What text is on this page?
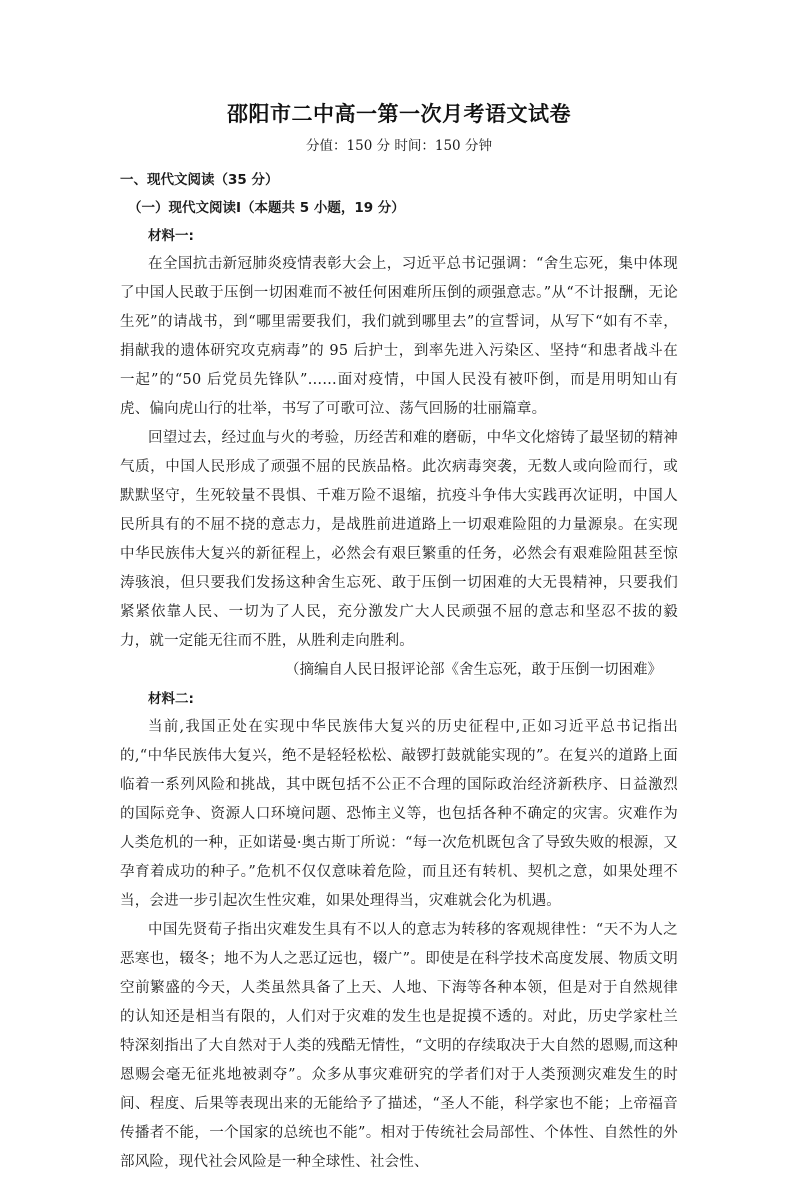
邵阳市二中高一第一次月考语文试卷
分值：150 分 时间：150 分钟
一、现代文阅读（35 分）
（一）现代文阅读Ⅰ（本题共 5 小题，19 分）
材料一:

在全国抗击新冠肺炎疫情表彰大会上，习近平总书记强调：“舍生忘死，集中体现了中国人民敢于压倒一切困难而不被任何困难所压倒的顽强意志。”从“不计报酬，无论生死”的请战书，到“哪里需要我们，我们就到哪里去”的宣誓词，从写下“如有不幸，捐献我的遗体研究攻克病毒”的 95 后护士，到率先进入污染区、坚持“和患者战斗在一起”的“50 后党员先锋队”……面对疫情，中国人民没有被吓倒，而是用明知山有虎、偏向虎山行的壮举，书写了可歌可泣、荡气回肠的壮丽篇章。

回望过去，经过血与火的考验，历经苦和难的磨砺，中华文化熔铸了最坚韧的精神气质，中国人民形成了顽强不屈的民族品格。此次病毒突袭，无数人或向险而行，或默默坚守，生死较量不畏惧、千难万险不退缩，抗疫斗争伟大实践再次证明，中国人民所具有的不屈不挠的意志力，是战胜前进道路上一切艰难险阻的力量源泉。在实现中华民族伟大复兴的新征程上，必然会有艰巨繁重的任务，必然会有艰难险阻甚至惊涛骇浪，但只要我们发扬这种舍生忘死、敢于压倒一切困难的大无畏精神，只要我们紧紧依靠人民、一切为了人民，充分激发广大人民顽强不屈的意志和坚忍不拔的毅力，就一定能无往而不胜，从胜利走向胜利。

（摘编自人民日报评论部《舍生忘死，敢于压倒一切困难》

材料二:

当前,我国正处在实现中华民族伟大复兴的历史征程中,正如习近平总书记指出的,“中华民族伟大复兴，绝不是轻轻松松、敲锣打鼓就能实现的”。在复兴的道路上面临着一系列风险和挑战，其中既包括不公正不合理的国际政治经济新秩序、日益激烈的国际竞争、资源人口环境问题、恐怖主义等，也包括各种不确定的灾害。灾难作为人类危机的一种，正如诺曼·奥古斯丁所说：“每一次危机既包含了导致失败的根源，又孕育着成功的种子。”危机不仅仅意味着危险，而且还有转机、契机之意，如果处理不当，会进一步引起次生性灾难，如果处理得当，灾难就会化为机遇。

中国先贤荀子指出灾难发生具有不以人的意志为转移的客观规律性：“天不为人之恶寒也，辍冬；地不为人之恶辽远也，辍广”。即使是在科学技术高度发展、物质文明空前繁盛的今天，人类虽然具备了上天、人地、下海等各种本领，但是对于自然规律的认知还是相当有限的，人们对于灾难的发生也是捉摸不透的。对此，历史学家杜兰特深刻指出了大自然对于人类的残酷无情性，“文明的存续取决于大自然的恩赐,而这种恩赐会毫无征兆地被剥夺”。众多从事灾难研究的学者们对于人类预测灾难发生的时间、程度、后果等表现出来的无能给予了描述，“圣人不能，科学家也不能；上帝福音传播者不能，一个国家的总统也不能”。相对于传统社会局部性、个体性、自然性的外部风险，现代社会风险是一种全球性、社会性、
